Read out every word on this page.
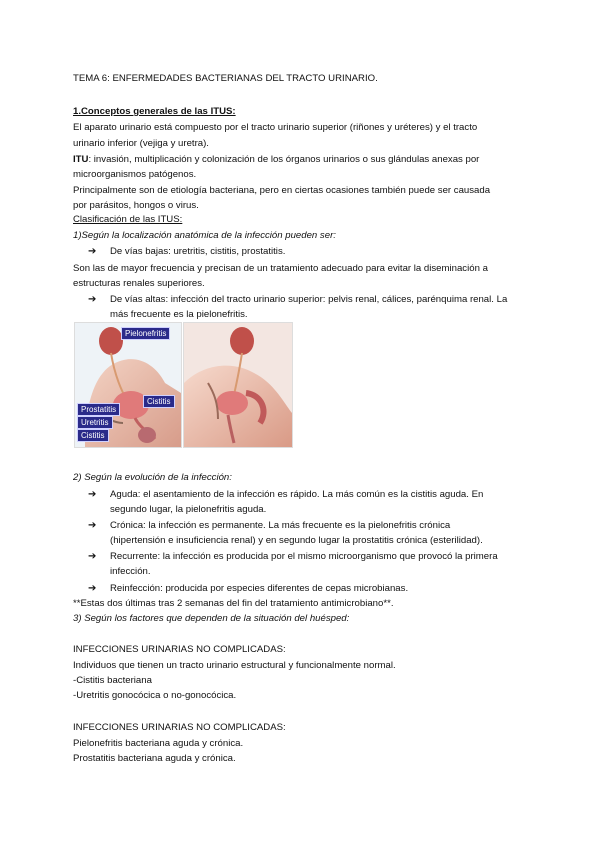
TEMA 6: ENFERMEDADES BACTERIANAS DEL TRACTO URINARIO.
1.Conceptos generales de las ITUS:
El aparato urinario está compuesto por el tracto urinario superior (riñones y uréteres) y el tracto
urinario inferior (vejiga y uretra).
ITU: invasión, multiplicación y colonización de los órganos urinarios o sus glándulas anexas por
microorganismos patógenos.
Principalmente son de etiología bacteriana, pero en ciertas ocasiones también puede ser causada
por parásitos, hongos o virus.
Clasificación de las ITUS:
1)Según la localización anatómica de la infección pueden ser:
➔ De vías bajas: uretritis, cistitis, prostatitis.
Son las de mayor frecuencia y precisan de un tratamiento adecuado para evitar la diseminación a
estructuras renales superiores.
➔ De vías altas: infección del tracto urinario superior: pelvis renal, cálices, parénquima renal. La
más frecuente es la pielonefritis.
Pielonefritis
Cistitis
Prostatitis
Uretritis
Cistitis
2) Según la evolución de la infección:
➔ Aguda: el asentamiento de la infección es rápido. La más común es la cistitis aguda. En
segundo lugar, la pielonefritis aguda.
➔ Crónica: la infección es permanente. La más frecuente es la pielonefritis crónica
(hipertensión e insuficiencia renal) y en segundo lugar la prostatitis crónica (esterilidad).
➔ Recurrente: la infección es producida por el mismo microorganismo que provocó la primera
infección.
➔ Reinfección: producida por especies diferentes de cepas microbianas.
**Estas dos últimas tras 2 semanas del fin del tratamiento antimicrobiano**.
3) Según los factores que dependen de la situación del huésped:
INFECCIONES URINARIAS NO COMPLICADAS:
Individuos que tienen un tracto urinario estructural y funcionalmente normal.
-Cistitis bacteriana
-Uretritis gonocócica o no-gonocócica.
INFECCIONES URINARIAS NO COMPLICADAS:
Pielonefritis bacteriana aguda y crónica.
Prostatitis bacteriana aguda y crónica.
